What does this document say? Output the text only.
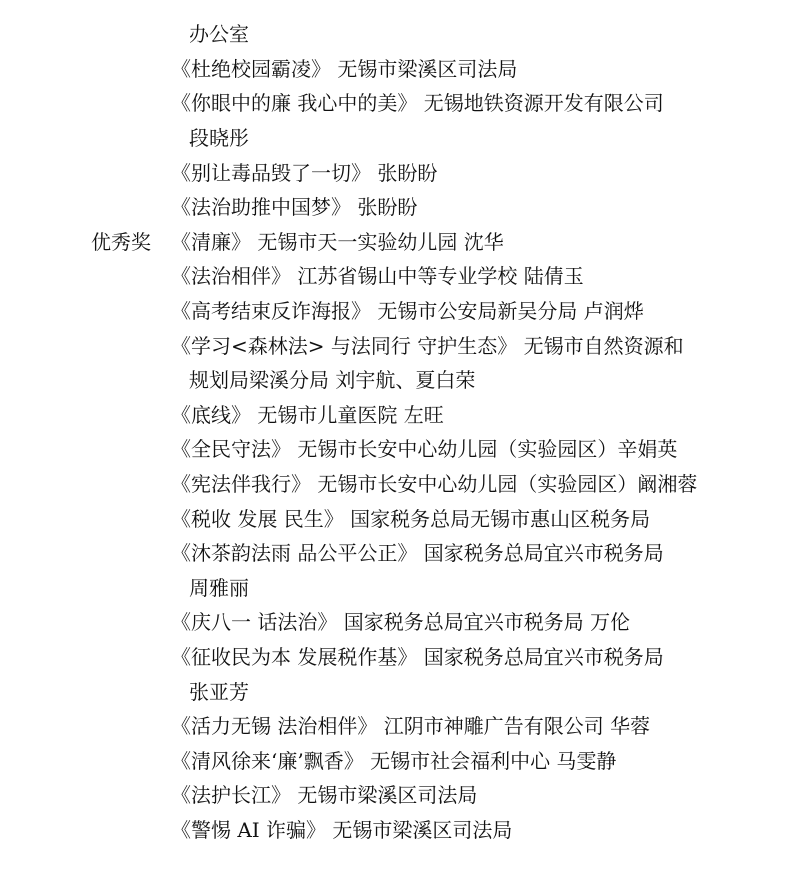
办公室
《杜绝校园霸凌》 无锡市梁溪区司法局
《你眼中的廉 我心中的美》 无锡地铁资源开发有限公司
段晓彤
《别让毒品毁了一切》 张盼盼
《法治助推中国梦》 张盼盼
优秀奖	《清廉》 无锡市天一实验幼儿园 沈华
《法治相伴》 江苏省锡山中等专业学校 陆倩玉
《高考结束反诈海报》 无锡市公安局新吴分局 卢润烨
《学习<森林法> 与法同行 守护生态》 无锡市自然资源和
规划局梁溪分局 刘宇航、夏白荣
《底线》 无锡市儿童医院 左旺
《全民守法》 无锡市长安中心幼儿园（实验园区）辛娟英
《宪法伴我行》 无锡市长安中心幼儿园（实验园区）阚湘蓉
《税收 发展 民生》 国家税务总局无锡市惠山区税务局
《沐茶韵法雨 品公平公正》 国家税务总局宜兴市税务局
周雅丽
《庆八一 话法治》 国家税务总局宜兴市税务局 万伦
《征收民为本 发展税作基》 国家税务总局宜兴市税务局
张亚芳
《活力无锡 法治相伴》 江阴市神雕广告有限公司 华蓉
《清风徐来‘廉’飘香》 无锡市社会福利中心 马雯静
《法护长江》 无锡市梁溪区司法局
《警惕 AI 诈骗》 无锡市梁溪区司法局
